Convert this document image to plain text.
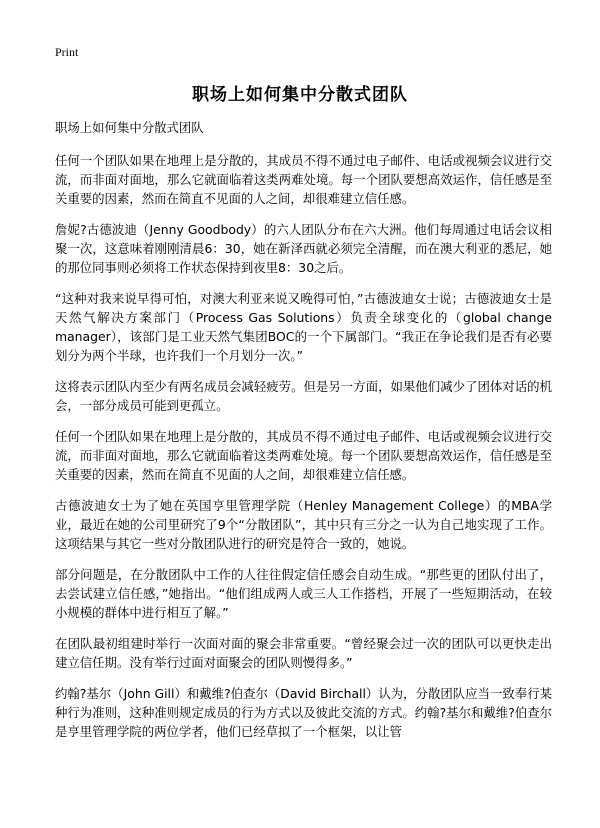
Print
职场上如何集中分散式团队

职场上如何集中分散式团队

任何一个团队如果在地理上是分散的，其成员不得不通过电子邮件、电话或视频会议进行交流，而非面对面地，那么它就面临着这类两难处境。每一个团队要想高效运作，信任感是至关重要的因素，然而在简直不见面的人之间，却很难建立信任感。

詹妮?古德波迪（Jenny Goodbody）的六人团队分布在六大洲。他们每周通过电话会议相聚一次，这意味着刚刚清晨6：30，她在新泽西就必须完全清醒，而在澳大利亚的悉尼，她的那位同事则必须将工作状态保持到夜里8：30之后。

“这种对我来说早得可怕，对澳大利亚来说又晚得可怕，”古德波迪女士说；古德波迪女士是天然气解决方案部门（Process Gas Solutions）负责全球变化的（global change manager），该部门是工业天然气集团BOC的一个下属部门。“我正在争论我们是否有必要划分为两个半球，也许我们一个月划分一次。”

这将表示团队内至少有两名成员会减轻疲劳。但是另一方面，如果他们减少了团体对话的机会，一部分成员可能到更孤立。

任何一个团队如果在地理上是分散的，其成员不得不通过电子邮件、电话或视频会议进行交流，而非面对面地，那么它就面临着这类两难处境。每一个团队要想高效运作，信任感是至关重要的因素，然而在简直不见面的人之间，却很难建立信任感。

古德波迪女士为了她在英国亨里管理学院（Henley Management College）的MBA学业，最近在她的公司里研究了9个“分散团队”，其中只有三分之一认为自己地实现了工作。这项结果与其它一些对分散团队进行的研究是符合一致的，她说。

部分问题是，在分散团队中工作的人往往假定信任感会自动生成。“那些更的团队付出了，去尝试建立信任感，”她指出。“他们组成两人或三人工作搭档，开展了一些短期活动，在较小规模的群体中进行相互了解。”

在团队最初组建时举行一次面对面的聚会非常重要。“曾经聚会过一次的团队可以更快走出建立信任期。没有举行过面对面聚会的团队则慢得多。”

约翰?基尔（John Gill）和戴维?伯查尔（David Birchall）认为，分散团队应当一致奉行某种行为准则，这种准则规定成员的行为方式以及彼此交流的方式。约翰?基尔和戴维?伯查尔是亨里管理学院的两位学者，他们已经草拟了一个框架，以让管
